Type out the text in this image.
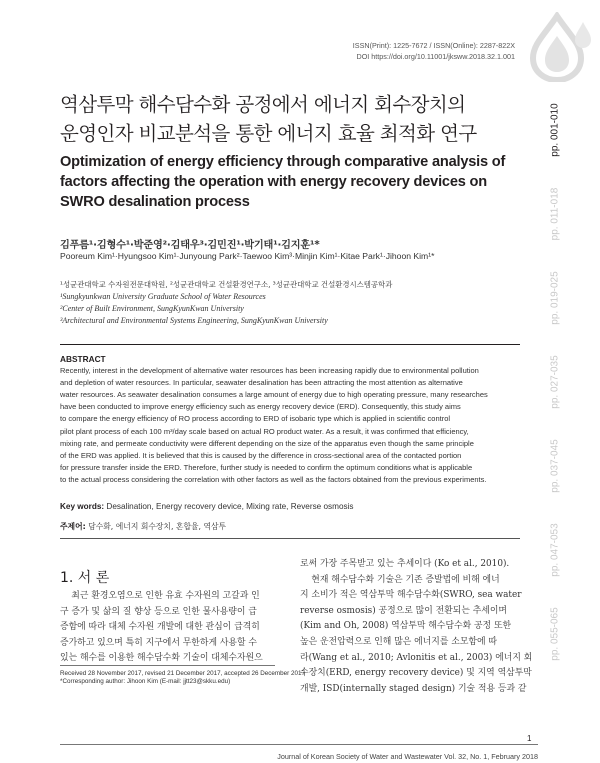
ISSN(Print): 1225-7672 / ISSN(Online): 2287-822X
DOI https://doi.org/10.11001/jksww.2018.32.1.001
역삼투막 해수담수화 공정에서 에너지 회수장치의
운영인자 비교분석을 통한 에너지 효율 최적화 연구
Optimization of energy efficiency through comparative analysis of
factors affecting the operation with energy recovery devices on
SWRO desalination process
김푸름¹·김형수¹·박준영²·김태우³·김민진¹·박기태¹·김지훈¹*
Pooreum Kim¹·Hyungsoo Kim¹·Junyoung Park²·Taewoo Kim³·Minjin Kim¹·Kitae Park¹·Jihoon Kim¹*
¹성균관대학교 수자원전문대학원, ²성균관대학교 건설환경연구소, ³성균관대학교 건설환경시스템공학과
¹Sungkyunkwan University Graduate School of Water Resources
²Center of Built Environment, SungKyunKwan University
³Architectural and Environmental Systems Engineering, SungKyunKwan University
ABSTRACT
Recently, interest in the development of alternative water resources has been increasing rapidly due to environmental pollution
and depletion of water resources. In particular, seawater desalination has been attracting the most attention as alternative
water resources. As seawater desalination consumes a large amount of energy due to high operating pressure, many researches
have been conducted to improve energy efficiency such as energy recovery device (ERD). Consequently, this study aims
to compare the energy efficiency of RO process according to ERD of isobaric type which is applied in scientific control
pilot plant process of each 100 m³/day scale based on actual RO product water. As a result, it was confirmed that efficiency,
mixing rate, and permeate conductivity were different depending on the size of the apparatus even though the same principle
of the ERD was applied. It is believed that this is caused by the difference in cross-sectional area of the contacted portion
for pressure transfer inside the ERD. Therefore, further study is needed to confirm the optimum conditions what is applicable
to the actual process considering the correlation with other factors as well as the factors obtained from the previous experiments.
Key words: Desalination, Energy recovery device, Mixing rate, Reverse osmosis
주제어: 담수화, 에너지 회수장치, 혼합율, 역삼투
1. 서 론
최근 환경오염으로 인한 유효 수자원의 고갈과 인
구 증가 및 삶의 질 향상 등으로 인한 물사용량이 급
증함에 따라 대체 수자원 개발에 대한 관심이 급격히
증가하고 있으며 특히 지구에서 무한하게 사용할 수
있는 해수를 이용한 해수담수화 기술이 대체수자원으
로써 가장 주목받고 있는 추세이다 (Ko et al., 2010).
현재 해수담수화 기술은 기존 증발법에 비해 에너
지 소비가 적은 역삼투막 해수담수화(SWRO, sea water
reverse osmosis) 공정으로 많이 전환되는 추세이며
(Kim and Oh, 2008) 역삼투막 해수담수화 공정 또한
높은 운전압력으로 인해 많은 에너지를 소모함에 따
라(Wang et al., 2010; Avlonitis et al., 2003) 에너지 회
수장치(ERD, energy recovery device) 및 지역 역삼투막
개발, ISD(internally staged design) 기술 적용 등과 같
Received 28 November 2017, revised 21 December 2017, accepted 26 December 2017
*Corresponding author: Jihoon Kim (E-mail: jjtt23@skku.edu)
1
Journal of Korean Society of Water and Wastewater Vol. 32, No. 1, February 2018
pp. 001-010
pp. 011-018
pp. 019-025
pp. 027-035
pp. 037-045
pp. 047-053
pp. 055-065
